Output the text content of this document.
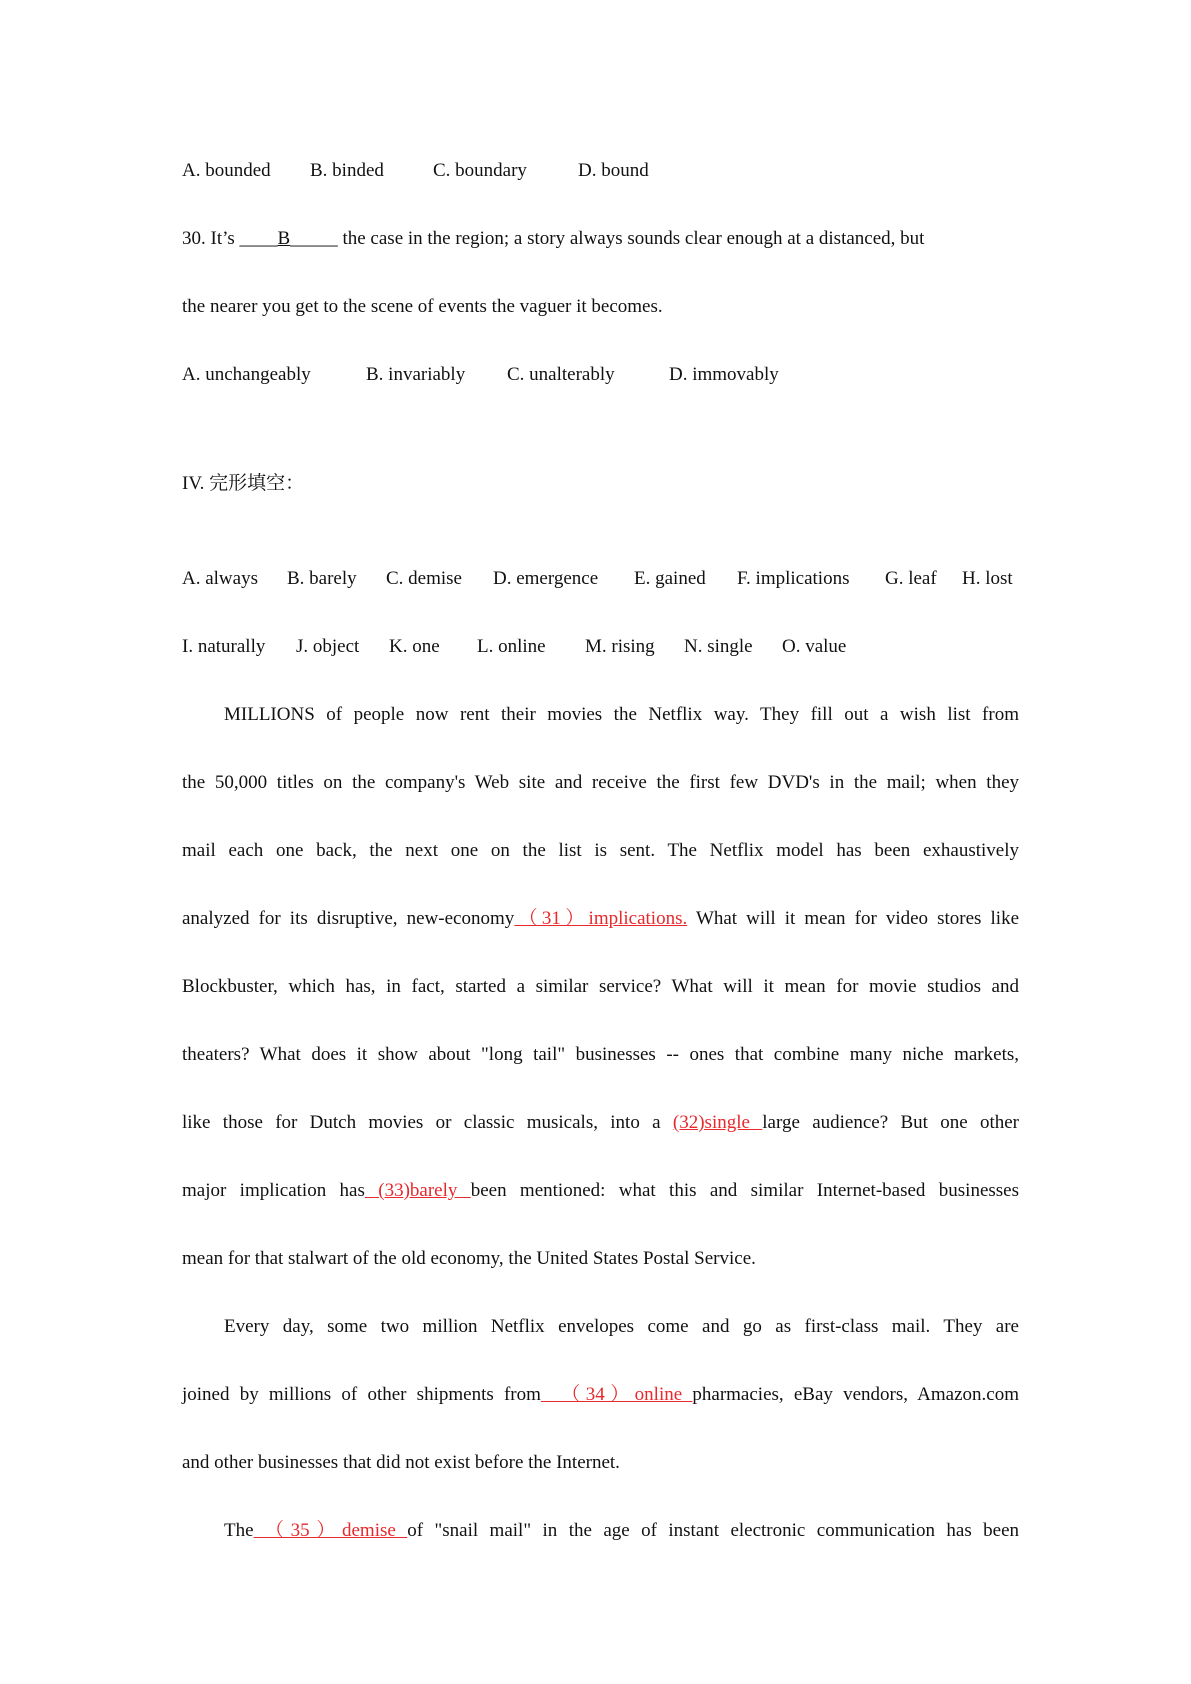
A. bounded B. binded	C. boundary	D. bound
30. It’s ____B_____ the case in the region; a story always sounds clear enough at a distanced, but
the nearer you get to the scene of events the vaguer it becomes.
A. unchangeably	B. invariably C. unalterably	D. immovably
IV. 完形填空：
A. always B. barely C. demise D. emergence E. gained F. implications G. leaf H. lost
I. naturally J. object K. one L. online M. rising N. single O. value
MILLIONS of people now rent their movies the Netflix way. They fill out a wish list from
the 50,000 titles on the company's Web site and receive the first few DVD's in the mail; when they
mail each one back, the next one on the list is sent. The Netflix model has been exhaustively
analyzed for its disruptive, new-economy（31）implications. What will it mean for video stores like
Blockbuster, which has, in fact, started a similar service? What will it mean for movie studios and
theaters? What does it show about "long tail" businesses -- ones that combine many niche markets,
like those for Dutch movies or classic musicals, into a (32)single large audience? But one other
major implication has (33)barely been mentioned: what this and similar Internet-based businesses
mean for that stalwart of the old economy, the United States Postal Service.
Every day, some two million Netflix envelopes come and go as first-class mail. They are
joined by millions of other shipments from  （34）online pharmacies, eBay vendors, Amazon.com
and other businesses that did not exist before the Internet.
The （35）demise of "snail mail" in the age of instant electronic communication has been
